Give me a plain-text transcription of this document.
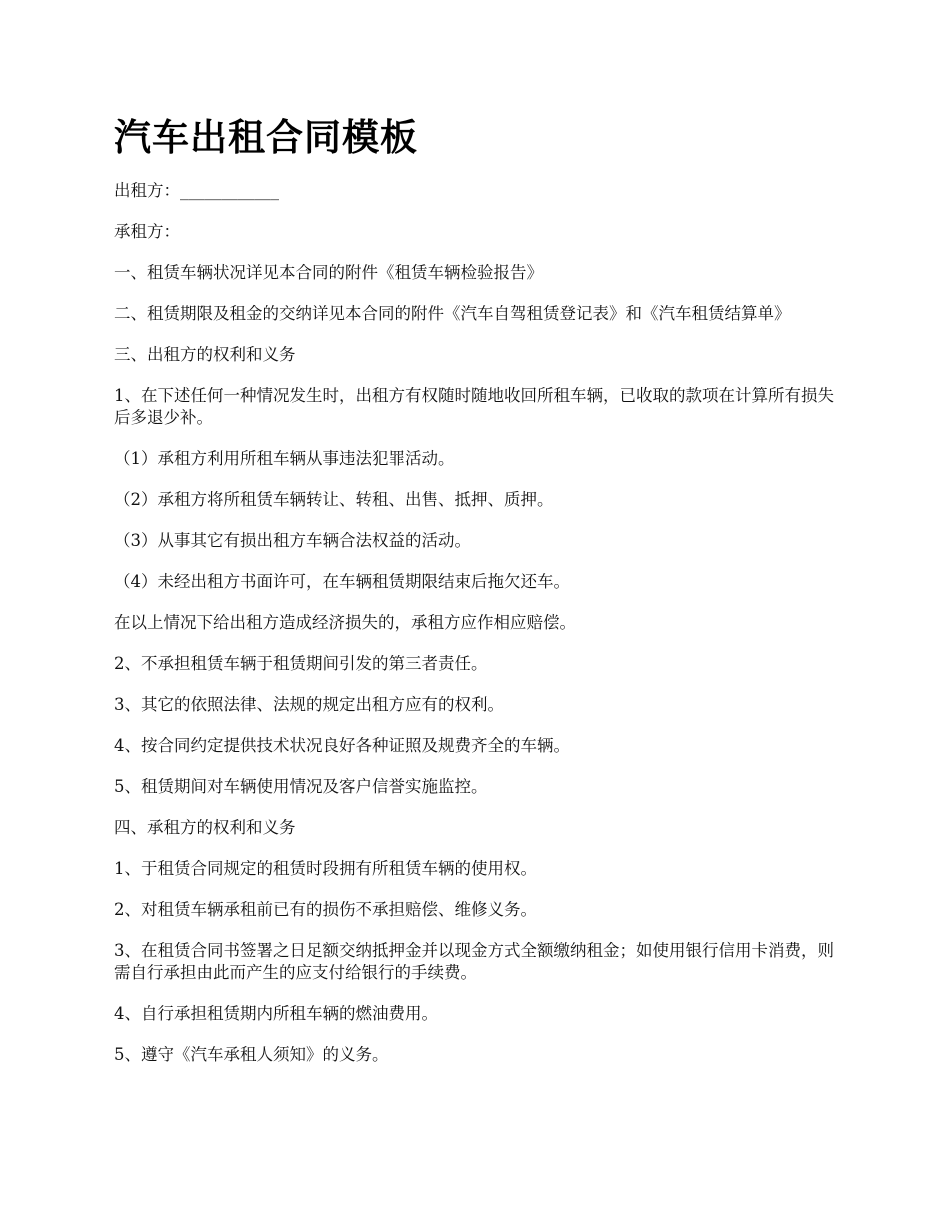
汽车出租合同模板

出租方：____________

承租方：

一、租赁车辆状况详见本合同的附件《租赁车辆检验报告》

二、租赁期限及租金的交纳详见本合同的附件《汽车自驾租赁登记表》和《汽车租赁结算单》

三、出租方的权利和义务

1、在下述任何一种情况发生时，出租方有权随时随地收回所租车辆，已收取的款项在计算所有损失后多退少补。

（1）承租方利用所租车辆从事违法犯罪活动。

（2）承租方将所租赁车辆转让、转租、出售、抵押、质押。

（3）从事其它有损出租方车辆合法权益的活动。

（4）未经出租方书面许可，在车辆租赁期限结束后拖欠还车。

在以上情况下给出租方造成经济损失的，承租方应作相应赔偿。

2、不承担租赁车辆于租赁期间引发的第三者责任。

3、其它的依照法律、法规的规定出租方应有的权利。

4、按合同约定提供技术状况良好各种证照及规费齐全的车辆。

5、租赁期间对车辆使用情况及客户信誉实施监控。

四、承租方的权利和义务

1、于租赁合同规定的租赁时段拥有所租赁车辆的使用权。

2、对租赁车辆承租前已有的损伤不承担赔偿、维修义务。

3、在租赁合同书签署之日足额交纳抵押金并以现金方式全额缴纳租金；如使用银行信用卡消费，则需自行承担由此而产生的应支付给银行的手续费。

4、自行承担租赁期内所租车辆的燃油费用。

5、遵守《汽车承租人须知》的义务。
